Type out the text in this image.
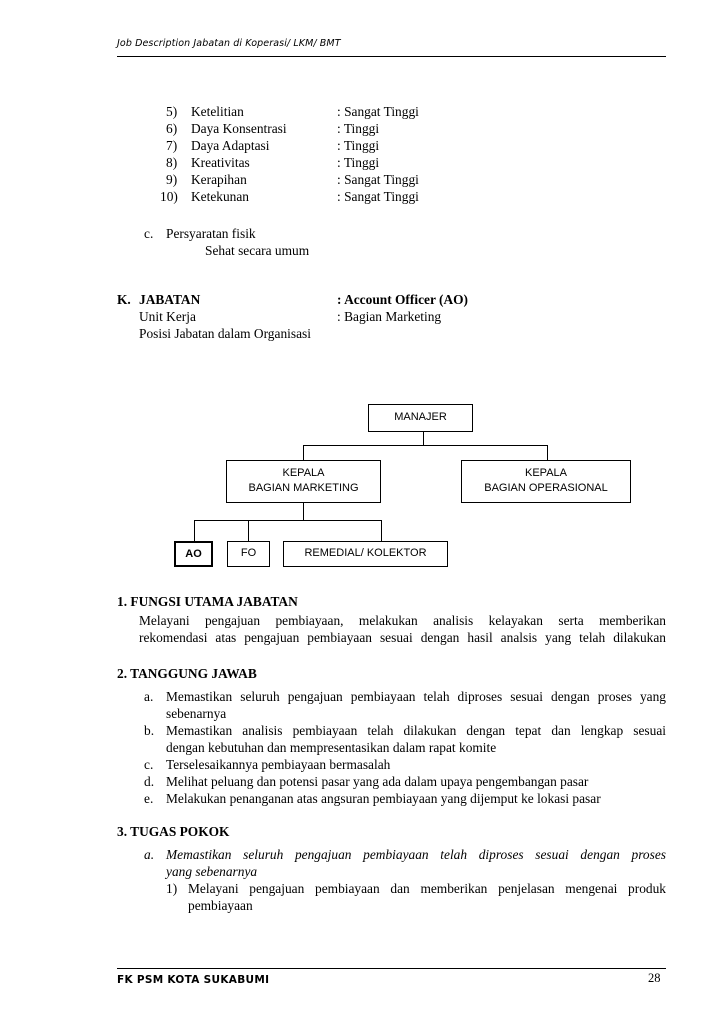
Job Description Jabatan di Koperasi/ LKM/ BMT
5) Ketelitian	: Sangat Tinggi
6) Daya Konsentrasi	: Tinggi
7) Daya Adaptasi	: Tinggi
8) Kreativitas	: Tinggi
9) Kerapihan	: Sangat Tinggi
10) Ketekunan	: Sangat Tinggi
c. Persyaratan fisik
Sehat secara umum
K. JABATAN	: Account Officer (AO)
Unit Kerja	: Bagian Marketing
Posisi Jabatan dalam Organisasi
MANAJER
KEPALA
BAGIAN MARKETING
KEPALA
BAGIAN OPERASIONAL
AO	FO	REMEDIAL/ KOLEKTOR
1. FUNGSI UTAMA JABATAN
Melayani pengajuan pembiayaan, melakukan analisis kelayakan serta memberikan
rekomendasi atas pengajuan pembiayaan sesuai dengan hasil analsis yang telah dilakukan
2. TANGGUNG JAWAB
a. Memastikan seluruh pengajuan pembiayaan telah diproses sesuai dengan proses yang
sebenarnya
b. Memastikan analisis pembiayaan telah dilakukan dengan tepat dan lengkap sesuai
dengan kebutuhan dan mempresentasikan dalam rapat komite
c. Terselesaikannya pembiayaan bermasalah
d. Melihat peluang dan potensi pasar yang ada dalam upaya pengembangan pasar
e. Melakukan penanganan atas angsuran pembiayaan yang dijemput ke lokasi pasar
3. TUGAS POKOK
a. Memastikan seluruh pengajuan pembiayaan telah diproses sesuai dengan proses
yang sebenarnya
1) Melayani pengajuan pembiayaan dan memberikan penjelasan mengenai produk
pembiayaan
FK PSM KOTA SUKABUMI	28
